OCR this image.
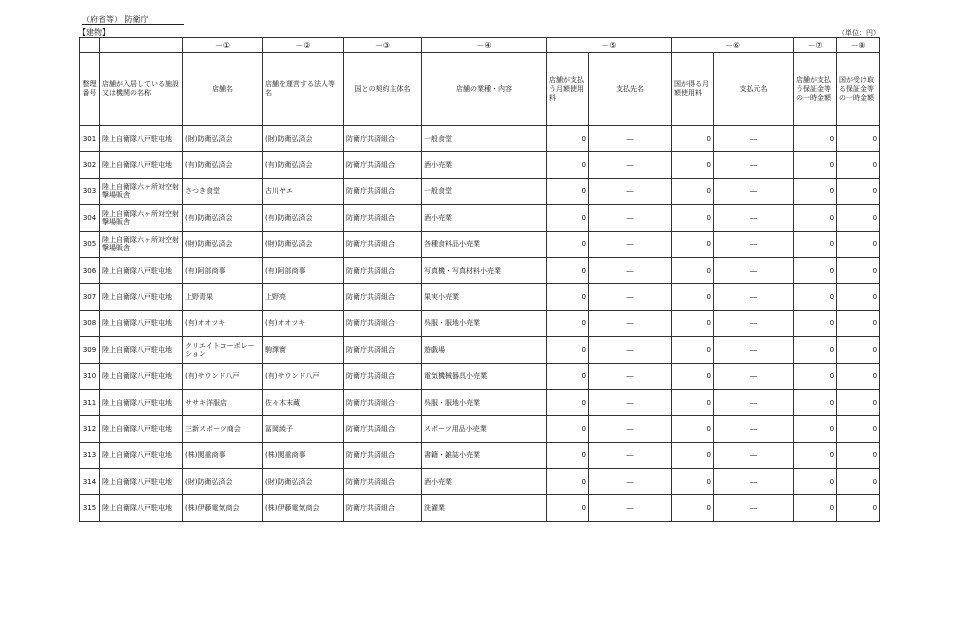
（府省等） 防衛庁
【建物】	（単位：円）
		－①	－②	－③	－④	－⑤		－⑥		－⑦	－⑧
整理番号	店舗が入居している施設又は機関の名称	店舗名	店舗を運営する法人等名	国との契約主体名	店舗の業種・内容	店舗が支払う月額使用料	支払先名	国が得る月額使用料	支払元名	店舗が支払う保証金等の一時金額	国が受け取る保証金等の一時金額
301	陸上自衛隊八戸駐屯地	(財)防衛弘済会	(財)防衛弘済会	防衛庁共済組合	一般食堂	0	―	0	―	0	0
302	陸上自衛隊八戸駐屯地	(有)防衛弘済会	(有)防衛弘済会	防衛庁共済組合	酒小売業	0	―	0	―	0	0
303	陸上自衛隊六ヶ所対空射撃場販舎	さつき食堂	古川ヤエ	防衛庁共済組合	一般食堂	0	―	0	―	0	0
304	陸上自衛隊六ヶ所対空射撃場販舎	(有)防衛弘済会	(有)防衛弘済会	防衛庁共済組合	酒小売業	0	―	0	―	0	0
305	陸上自衛隊六ヶ所対空射撃場販舎	(財)防衛弘済会	(財)防衛弘済会	防衛庁共済組合	各種食料品小売業	0	―	0	―	0	0
306	陸上自衛隊八戸駐屯地	(有)阿部商事	(有)阿部商事	防衛庁共済組合	写真機・写真材料小売業	0	―	0	―	0	0
307	陸上自衛隊八戸駐屯地	上野青果	上野亮	防衛庁共済組合	果実小売業	0	―	0	―	0	0
308	陸上自衛隊八戸駐屯地	(有)オオツキ	(有)オオツキ	防衛庁共済組合	呉服・服地小売業	0	―	0	―	0	0
309	陸上自衛隊八戸駐屯地	クリエイトコーポレーション	駒澤實	防衛庁共済組合	遊戯場	0	―	0	―	0	0
310	陸上自衛隊八戸駐屯地	(有)サウンド八戸	(有)サウンド八戸	防衛庁共済組合	電気機械器具小売業	0	―	0	―	0	0
311	陸上自衛隊八戸駐屯地	ササキ洋服店	佐々木末蔵	防衛庁共済組合	呉服・服地小売業	0	―	0	―	0	0
312	陸上自衛隊八戸駐屯地	三新スポーツ商会	冨岡綾子	防衛庁共済組合	スポーツ用品小売業	0	―	0	―	0	0
313	陸上自衛隊八戸駐屯地	(株)関重商事	(株)関重商事	防衛庁共済組合	書籍・雑誌小売業	0	―	0	―	0	0
314	陸上自衛隊八戸駐屯地	(財)防衛弘済会	(財)防衛弘済会	防衛庁共済組合	酒小売業	0	―	0	―	0	0
315	陸上自衛隊八戸駐屯地	(株)伊藤電気商会	(株)伊藤電気商会	防衛庁共済組合	洗濯業	0	―	0	―	0	0
